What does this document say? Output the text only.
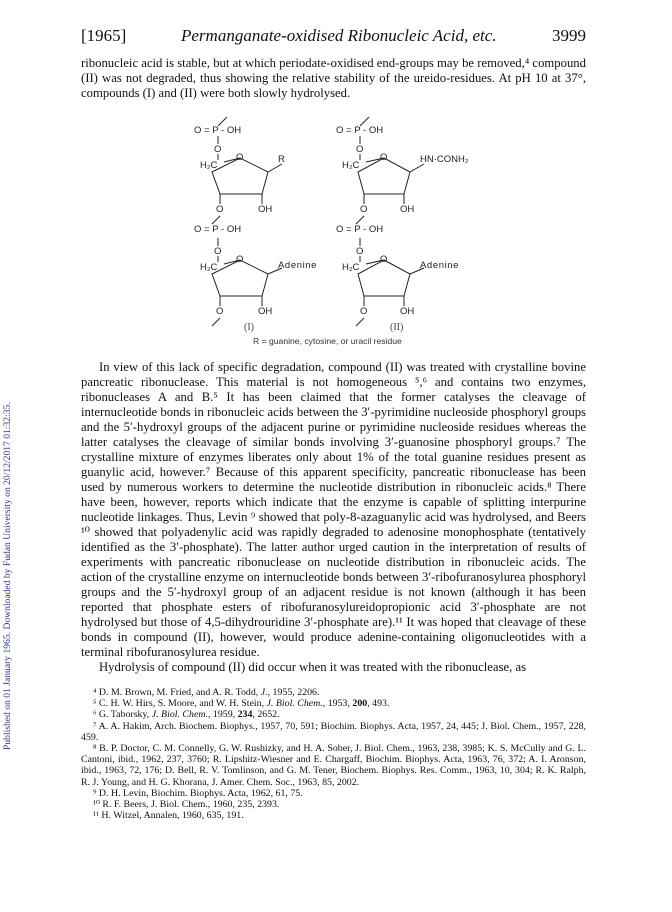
Published on 01 January 1965. Downloaded by Fudan University on 20/12/2017 01:32:35.
[1965]	Permanganate-oxidised Ribonucleic Acid, etc.	3999

ribonucleic acid is stable, but at which periodate-oxidised end-groups may be removed,⁴ compound (II) was not degraded, thus showing the relative stability of the ureido-residues. At pH 10 at 37°, compounds (I) and (II) were both slowly hydrolysed.

O = P - OH
O
H₂C
O	R
O	OH
O = P - OH
O
H₂C
O
Adenine
O	OH
(I)
O = P - OH
O
H₂C
O	HN·CONH₂
O	OH
O = P - OH
O
H₂C
O
Adenine
O	OH
(II)
R = guanine, cytosine, or uracil residue

In view of this lack of specific degradation, compound (II) was treated with crystalline bovine pancreatic ribonuclease. This material is not homogeneous ⁵,⁶ and contains two enzymes, ribonucleases A and B.⁵ It has been claimed that the former catalyses the cleavage of internucleotide bonds in ribonucleic acids between the 3′-pyrimidine nucleoside phosphoryl groups and the 5′-hydroxyl groups of the adjacent purine or pyrimidine nucleoside residues whereas the latter catalyses the cleavage of similar bonds involving 3′-guanosine phosphoryl groups.⁷ The crystalline mixture of enzymes liberates only about 1% of the total guanine residues present as guanylic acid, however.⁷ Because of this apparent specificity, pancreatic ribonuclease has been used by numerous workers to determine the nucleotide distribution in ribonucleic acids.⁸ There have been, however, reports which indicate that the enzyme is capable of splitting interpurine nucleotide linkages. Thus, Levin ⁹ showed that poly-8-azaguanylic acid was hydrolysed, and Beers ¹⁰ showed that polyadenylic acid was rapidly degraded to adenosine monophosphate (tentatively identified as the 3′-phosphate). The latter author urged caution in the interpretation of results of experiments with pancreatic ribonuclease on nucleotide distribution in ribonucleic acids. The action of the crystalline enzyme on internucleotide bonds between 3′-ribofuranosylurea phosphoryl groups and the 5′-hydroxyl group of an adjacent residue is not known (although it has been reported that phosphate esters of ribofuranosylureidopropionic acid 3′-phosphate are not hydrolysed but those of 4,5-dihydrouridine 3′-phosphate are).¹¹ It was hoped that cleavage of these bonds in compound (II), however, would produce adenine-containing oligonucleotides with a terminal ribofuranosylurea residue.

Hydrolysis of compound (II) did occur when it was treated with the ribonuclease, as

⁴ D. M. Brown, M. Fried, and A. R. Todd, J., 1955, 2206.

⁵ C. H. W. Hirs, S. Moore, and W. H. Stein, J. Biol. Chem., 1953, 200, 493.

⁶ G. Taborsky, J. Biol. Chem., 1959, 234, 2652.

⁷ A. A. Hakim, Arch. Biochem. Biophys., 1957, 70, 591; Biochim. Biophys. Acta, 1957, 24, 445; J. Biol. Chem., 1957, 228, 459.

⁸ B. P. Doctor, C. M. Connelly, G. W. Rushizky, and H. A. Sober, J. Biol. Chem., 1963, 238, 3985; K. S. McCully and G. L. Cantoni, ibid., 1962, 237, 3760; R. Lipshitz-Wiesner and E. Chargaff, Biochim. Biophys. Acta, 1963, 76, 372; A. I. Aronson, ibid., 1963, 72, 176; D. Bell, R. V. Tomlinson, and G. M. Tener, Biochem. Biophys. Res. Comm., 1963, 10, 304; R. K. Ralph, R. J. Young, and H. G. Khorana, J. Amer. Chem. Soc., 1963, 85, 2002.

⁹ D. H. Levin, Biochim. Biophys. Acta, 1962, 61, 75.

¹⁰ R. F. Beers, J. Biol. Chem., 1960, 235, 2393.

¹¹ H. Witzel, Annalen, 1960, 635, 191.
